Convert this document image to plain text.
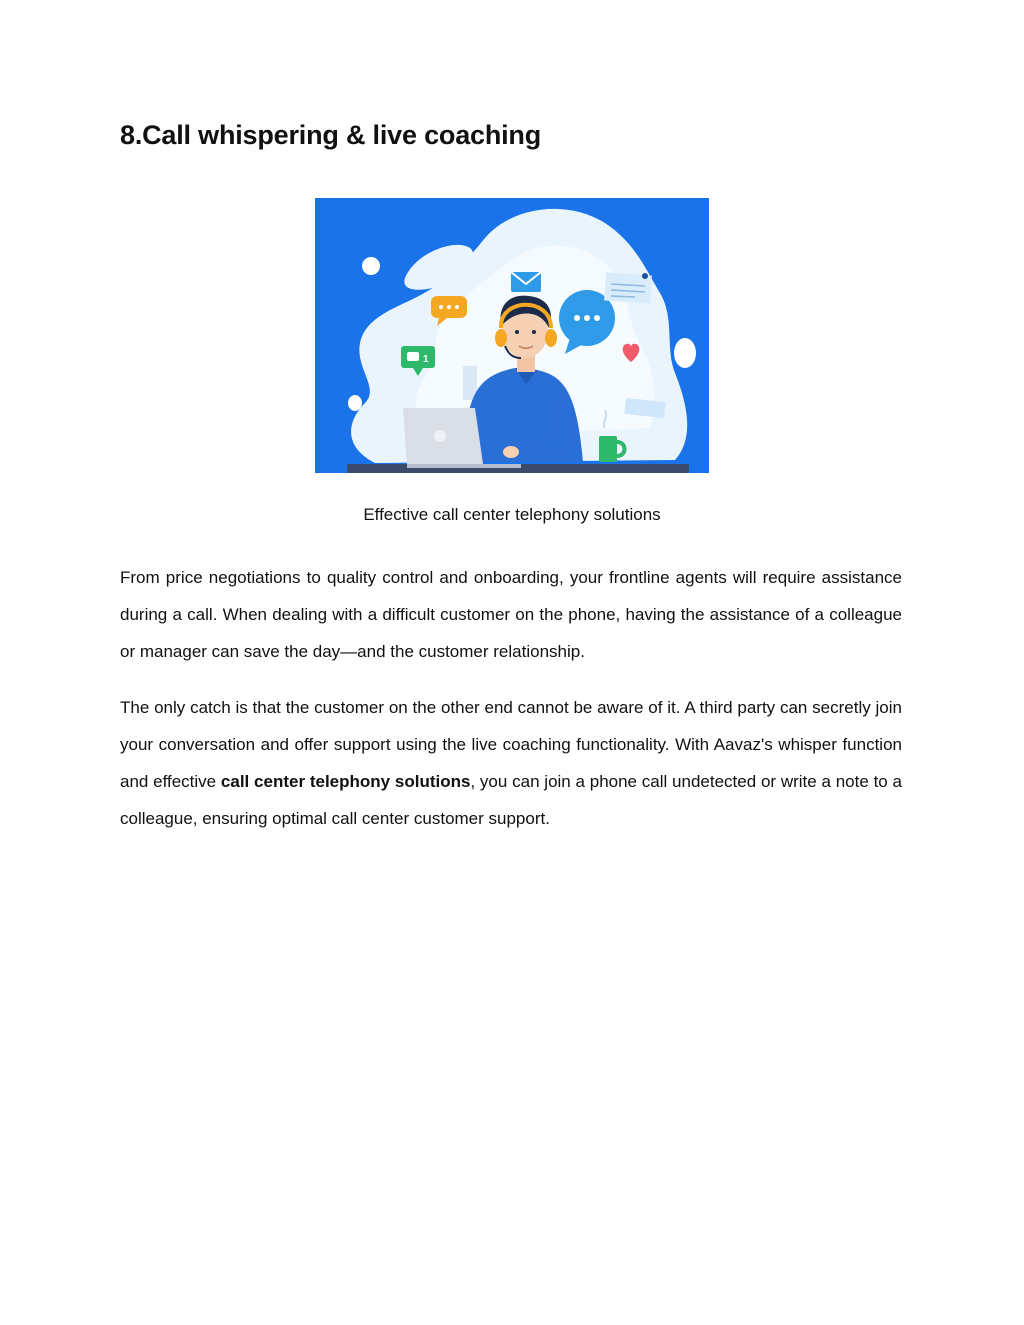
8.Call whispering & live coaching
1
Effective call center telephony solutions

From price negotiations to quality control and onboarding, your frontline agents will require assistance during a call. When dealing with a difficult customer on the phone, having the assistance of a colleague or manager can save the day—and the customer relationship.

The only catch is that the customer on the other end cannot be aware of it. A third party can secretly join your conversation and offer support using the live coaching functionality. With Aavaz's whisper function and effective call center telephony solutions, you can join a phone call undetected or write a note to a colleague, ensuring optimal call center customer support.
